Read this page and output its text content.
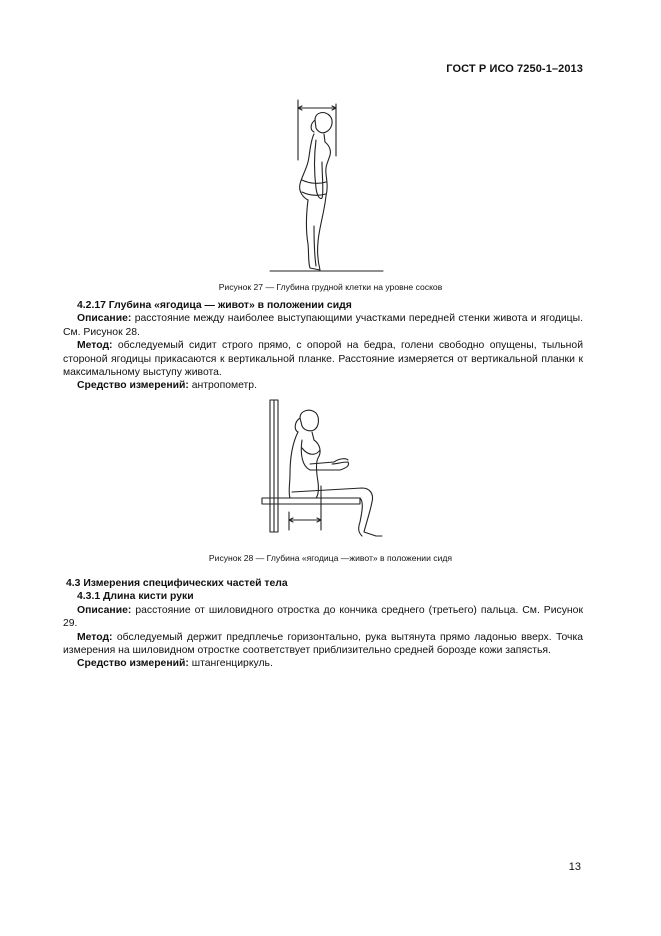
ГОСТ Р ИСО 7250-1–2013
Рисунок 27 — Глубина грудной клетки на уровне сосков

4.2.17 Глубина «ягодица — живот» в положении сидя

Описание: расстояние между наиболее выступающими участками передней стенки живота и ягодицы. См. Рисунок 28.

Метод: обследуемый сидит строго прямо, с опорой на бедра, голени свободно опущены, тыльной стороной ягодицы прикасаются к вертикальной планке. Расстояние измеряется от вертикальной планки к максимальному выступу живота.

Средство измерений: антропометр.

Рисунок 28 — Глубина «ягодица —живот» в положении сидя

4.3 Измерения специфических частей тела

4.3.1 Длина кисти руки

Описание: расстояние от шиловидного отростка до кончика среднего (третьего) пальца. См. Рисунок 29.

Метод: обследуемый держит предплечье горизонтально, рука вытянута прямо ладонью вверх. Точка измерения на шиловидном отростке соответствует приблизительно средней борозде кожи запястья.

Средство измерений: штангенциркуль.

13
